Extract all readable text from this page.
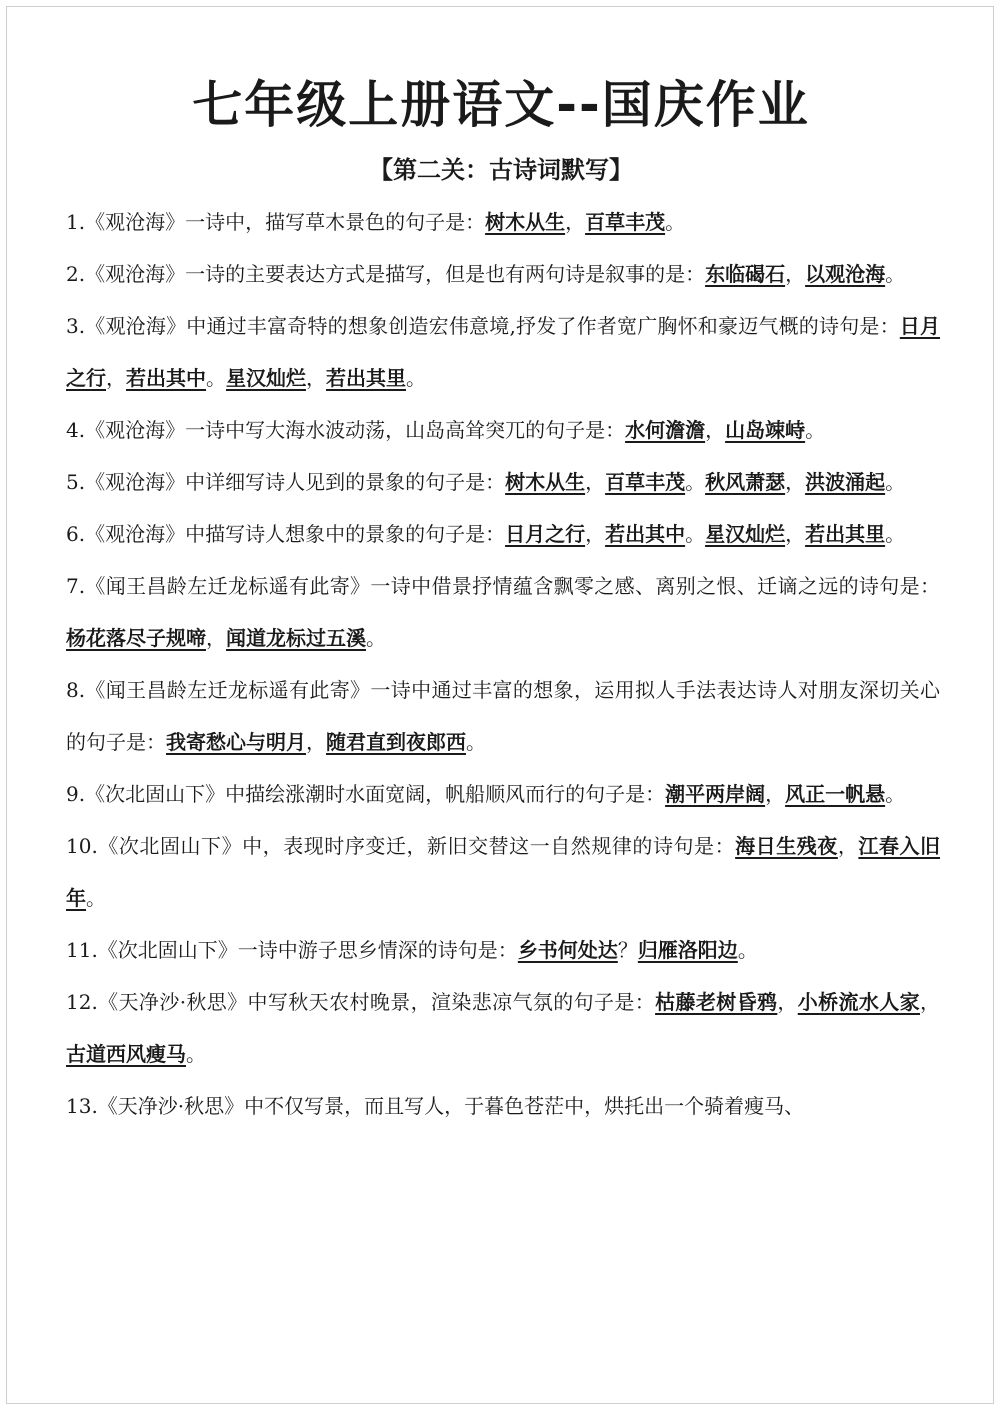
七年级上册语文--国庆作业
【第二关：古诗词默写】
1.《观沧海》一诗中，描写草木景色的句子是：树木从生，百草丰茂。
2.《观沧海》一诗的主要表达方式是描写，但是也有两句诗是叙事的是：东临碣石，以观沧海。
3.《观沧海》中通过丰富奇特的想象创造宏伟意境,抒发了作者宽广胸怀和豪迈气概的诗句是：日月之行，若出其中。星汉灿烂，若出其里。
4.《观沧海》一诗中写大海水波动荡，山岛高耸突兀的句子是：水何澹澹，山岛竦峙。
5.《观沧海》中详细写诗人见到的景象的句子是：树木从生，百草丰茂。秋风萧瑟，洪波涌起。
6.《观沧海》中描写诗人想象中的景象的句子是：日月之行，若出其中。星汉灿烂，若出其里。
7.《闻王昌龄左迁龙标遥有此寄》一诗中借景抒情蕴含飘零之感、离别之恨、迁谪之远的诗句是：杨花落尽子规啼，闻道龙标过五溪。
8.《闻王昌龄左迁龙标遥有此寄》一诗中通过丰富的想象，运用拟人手法表达诗人对朋友深切关心的句子是：我寄愁心与明月，随君直到夜郎西。
9.《次北固山下》中描绘涨潮时水面宽阔，帆船顺风而行的句子是：潮平两岸阔，风正一帆悬。
10.《次北固山下》中，表现时序变迁，新旧交替这一自然规律的诗句是：海日生残夜，江春入旧年。
11.《次北固山下》一诗中游子思乡情深的诗句是：乡书何处达？归雁洛阳边。
12.《天净沙·秋思》中写秋天农村晚景，渲染悲凉气氛的句子是：枯藤老树昏鸦，小桥流水人家，古道西风瘦马。
13.《天净沙·秋思》中不仅写景，而且写人，于暮色苍茫中，烘托出一个骑着瘦马、
